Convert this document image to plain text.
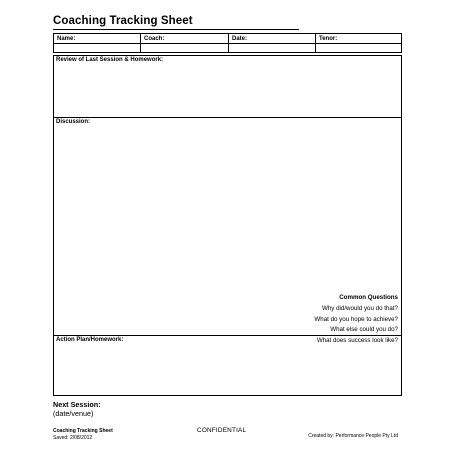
Coaching Tracking Sheet
Name:	Coach:	Date:	Tenor:
Review of Last Session & Homework:
Discussion:
Common Questions
Why did/would you do that?
What do you hope to achieve?
What else could you do?
What does success look like?
Action Plan/Homework:
Next Session:
(date/venue)
Coaching Tracking Sheet
Saved: 2/08/2012
CONFIDENTIAL
Created by: Performance People Pty Ltd
